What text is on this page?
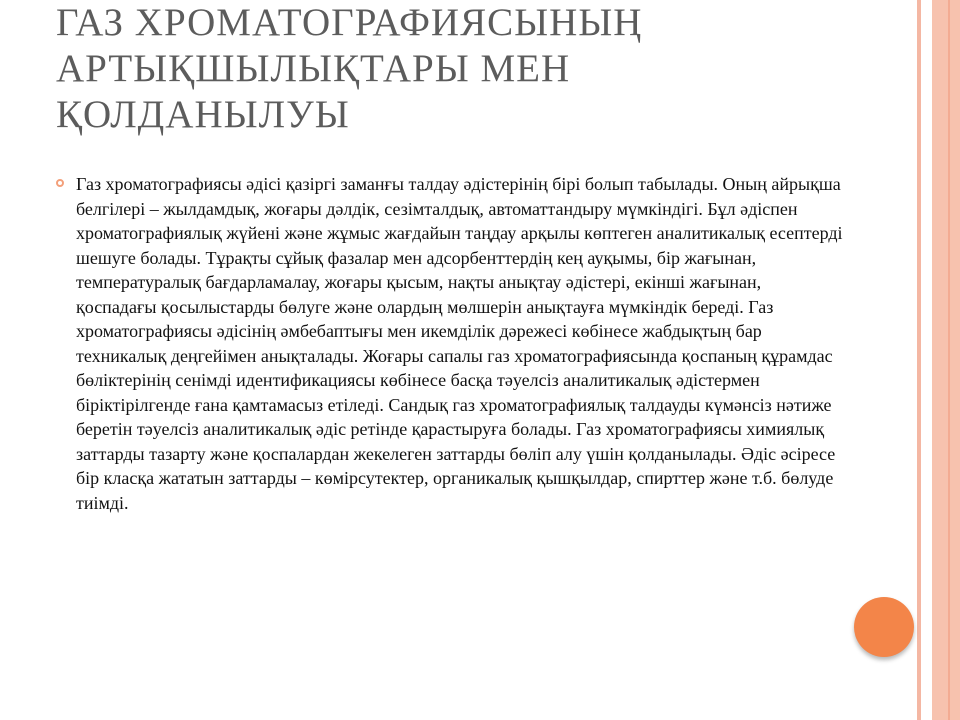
ГАЗ ХРОМАТОГРАФИЯСЫНЫҢ АРТЫҚШЫЛЫҚТАРЫ МЕН ҚОЛДАНЫЛУЫ

Газ хроматографиясы әдісі қазіргі заманғы талдау әдістерінің бірі болып табылады. Оның айрықша белгілері – жылдамдық, жоғары дәлдік, сезімталдық, автоматтандыру мүмкіндігі. Бұл әдіспен хроматографиялық жүйені және жұмыс жағдайын таңдау арқылы көптеген аналитикалық есептерді шешуге болады. Тұрақты сұйық фазалар мен адсорбенттердің кең ауқымы, бір жағынан, температуралық бағдарламалау, жоғары қысым, нақты анықтау әдістері, екінші жағынан, қоспадағы қосылыстарды бөлуге және олардың мөлшерін анықтауға мүмкіндік береді. Газ хроматографиясы әдісінің әмбебаптығы мен икемділік дәрежесі көбінесе жабдықтың бар техникалық деңгейімен анықталады. Жоғары сапалы газ хроматографиясында қоспаның құрамдас бөліктерінің сенімді идентификациясы көбінесе басқа тәуелсіз аналитикалық әдістермен біріктірілгенде ғана қамтамасыз етіледі. Сандық газ хроматографиялық талдауды күмәнсіз нәтиже беретін тәуелсіз аналитикалық әдіс ретінде қарастыруға болады. Газ хроматографиясы химиялық заттарды тазарту және қоспалардан жекелеген заттарды бөліп алу үшін қолданылады. Әдіс әсіресе бір класқа жататын заттарды – көмірсутектер, органикалық қышқылдар, спирттер және т.б. бөлуде тиімді.
